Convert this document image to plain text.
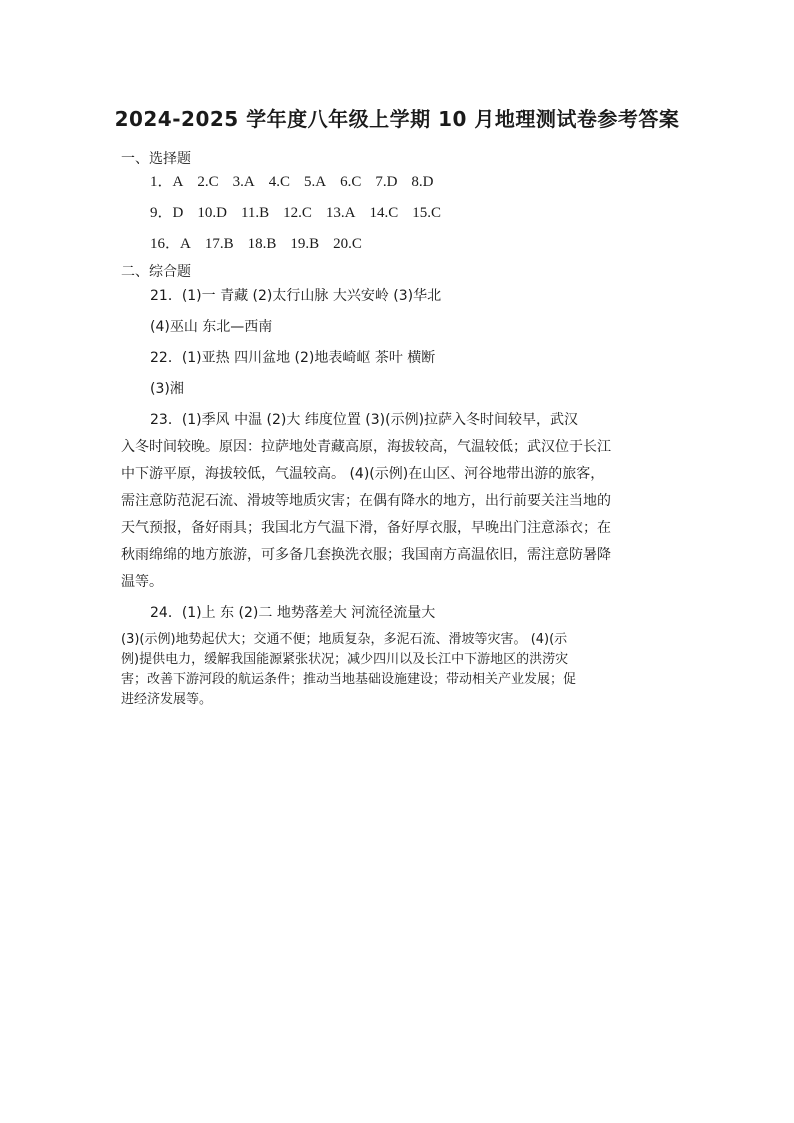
2024-2025 学年度八年级上学期 10 月地理测试卷参考答案
一、选择题
1．A 2.C 3.A 4.C 5.A 6.C 7.D 8.D
9．D 10.D 11.B 12.C 13.A 14.C 15.C
16．A 17.B 18.B 19.B 20.C
二、综合题
21．(1)一 青藏 (2)太行山脉 大兴安岭 (3)华北
(4)巫山 东北—西南
22．(1)亚热 四川盆地 (2)地表崎岖 茶叶 横断
(3)湘
23．(1)季风 中温 (2)大 纬度位置 (3)(示例)拉萨入冬时间较早，武汉
入冬时间较晚。原因：拉萨地处青藏高原，海拔较高，气温较低；武汉位于长江
中下游平原，海拔较低，气温较高。 (4)(示例)在山区、河谷地带出游的旅客，
需注意防范泥石流、滑坡等地质灾害；在偶有降水的地方，出行前要关注当地的
天气预报，备好雨具；我国北方气温下滑，备好厚衣服，早晚出门注意添衣；在
秋雨绵绵的地方旅游，可多备几套换洗衣服；我国南方高温依旧，需注意防暑降
温等。
24．(1)上 东 (2)二 地势落差大 河流径流量大
(3)(示例)地势起伏大；交通不便；地质复杂，多泥石流、滑坡等灾害。 (4)(示
例)提供电力，缓解我国能源紧张状况；减少四川以及长江中下游地区的洪涝灾
害；改善下游河段的航运条件；推动当地基础设施建设；带动相关产业发展；促
进经济发展等。
